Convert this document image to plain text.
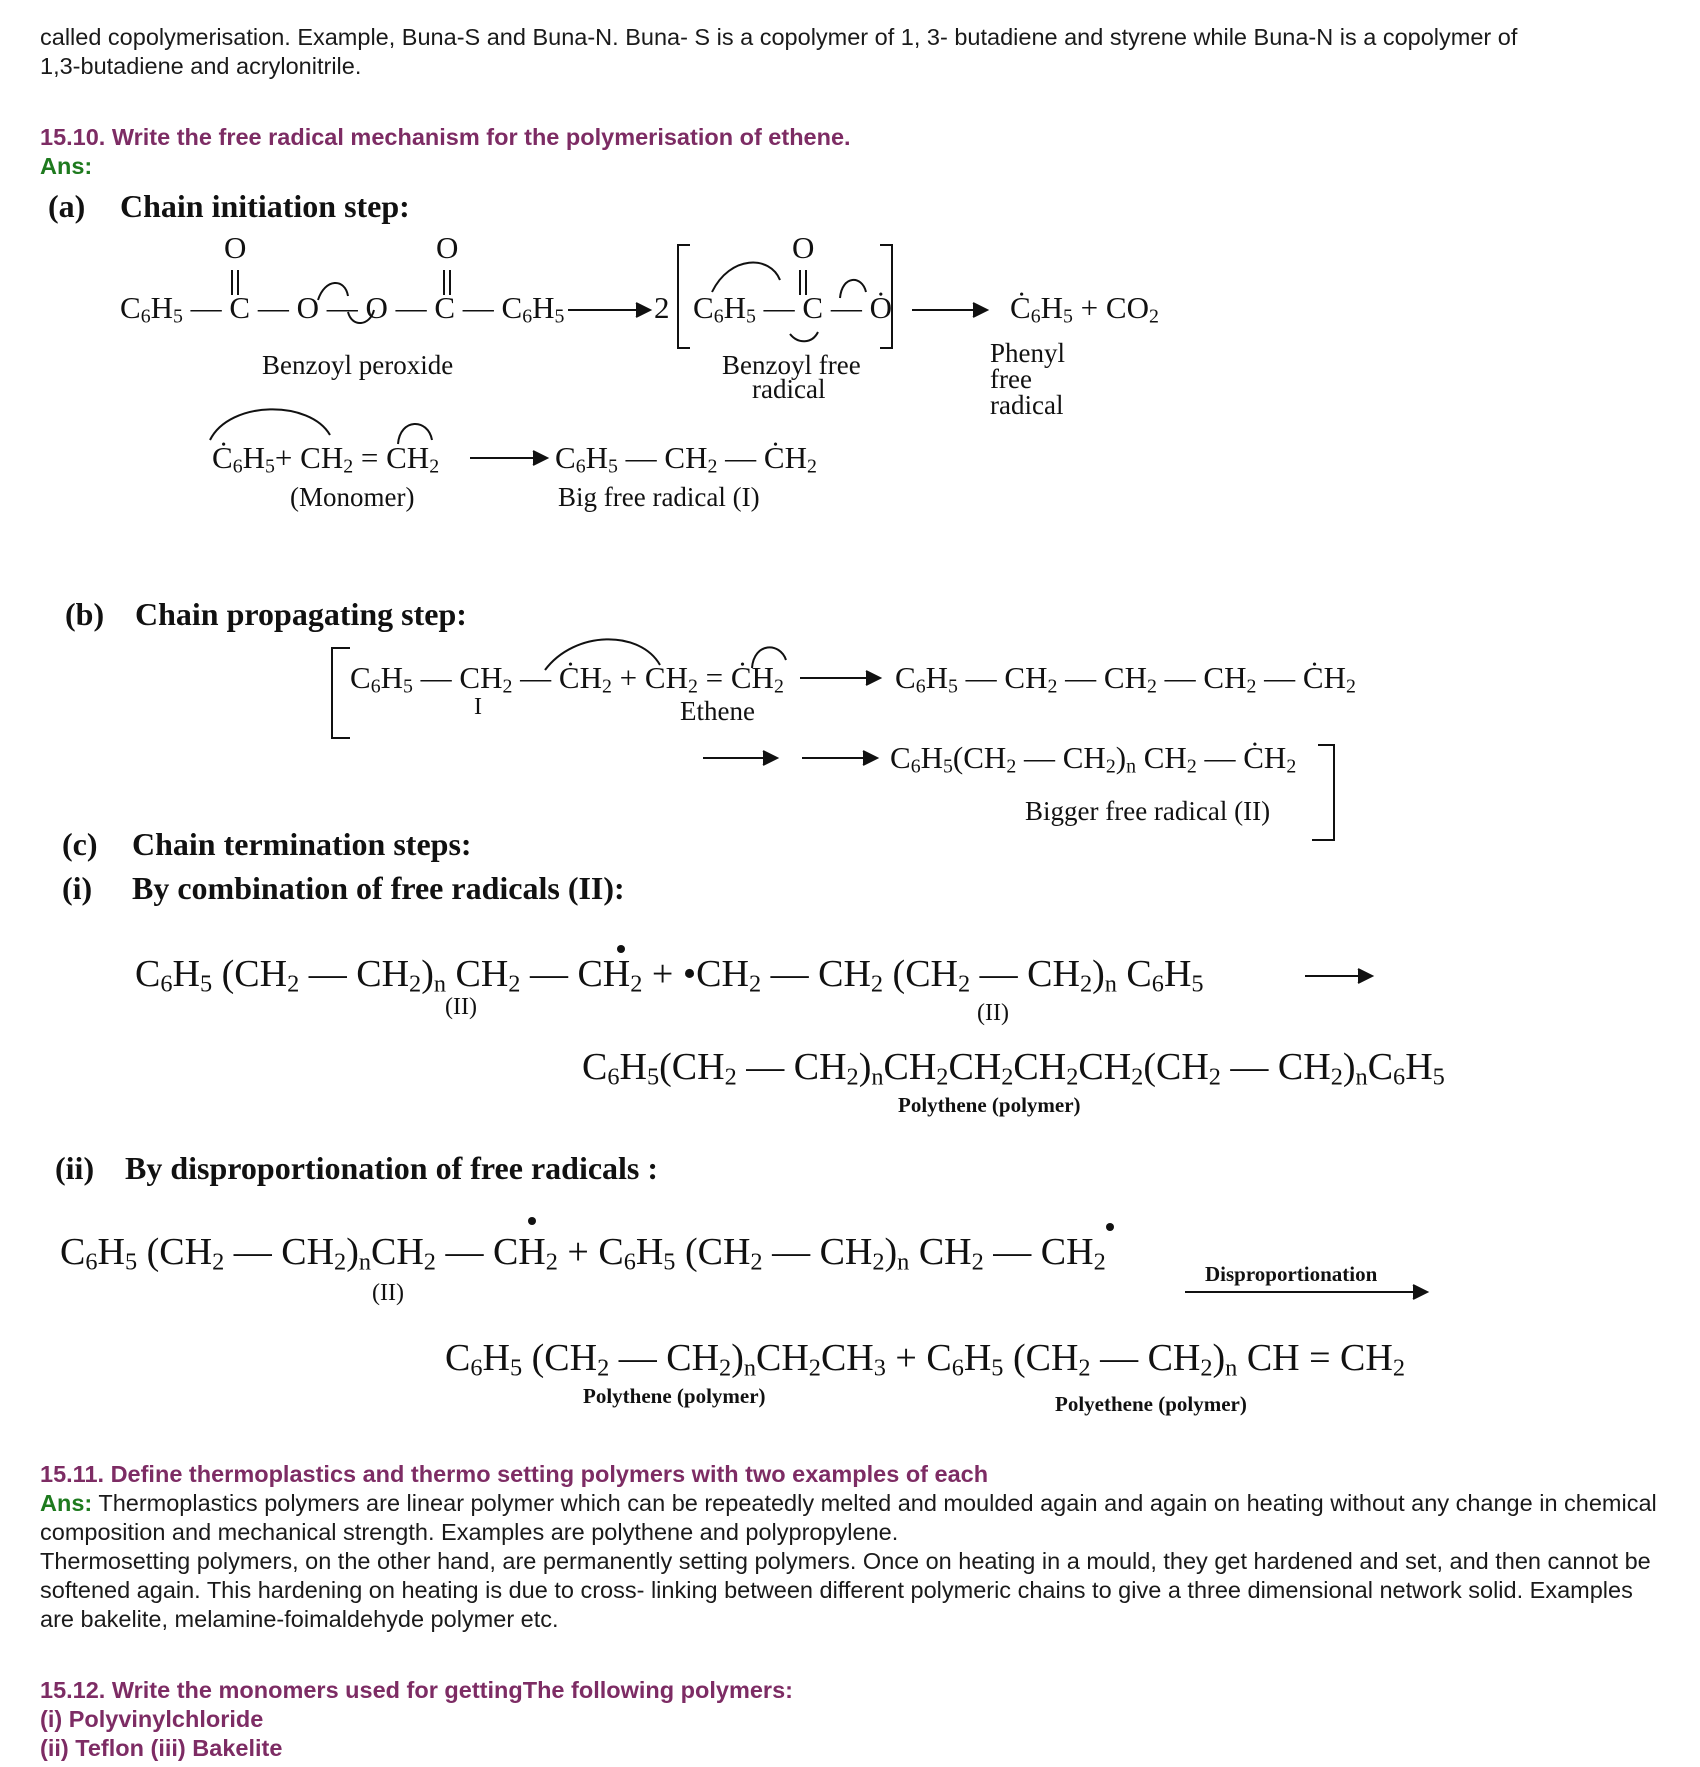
called copolymerisation. Example, Buna-S and Buna-N. Buna- S is a copolymer of 1, 3- butadiene and styrene while Buna-N is a copolymer of
1,3-butadiene and acrylonitrile.
15.10. Write the free radical mechanism for the polymerisation of ethene.
Ans:
(a) Chain initiation step:
O	O	O
$C_6H_5$ — C — O — O — C — $C_6H_5$	2 $C_6H_5$ — C — Ȯ	$Ċ_6H_5 + CO_2$
Benzoyl peroxide	Benzoyl free
radical
Phenyl
free
radical
$Ċ_6H_5+ CH_2 = CH_2$	$C_6H_5$ — $CH_2$ — $ĊH_2$
(Monomer)	Big free radical (I)
(b) Chain propagating step:
$C_6H_5$ — $CH_2$ — $ĊH_2 + CH_2$ = $ĊH_2$	$C_6H_5$ — $CH_2$ — $CH_2$ — $CH_2$ — $ĊH_2$
I	Ethene
$C_6H_5(CH_2$ — $CH_2)_n$ $CH_2$ — $ĊH_2$
Bigger free radical (II)
(c) Chain termination steps:
(i) By combination of free radicals (II):
$C_6H_5$ ($CH_2$ — $CH_2)_n$ $CH_2$ — $CH_2$ + $•CH_2$ — $CH_2$ ($CH_2$ — $CH_2)_n$ $C_6H_5$
(II)	(II)
$C_6H_5(CH_2$ — $CH_2)_nCH_2CH_2CH_2CH_2(CH_2$ — $CH_2)_nC_6H_5$
Polythene (polymer)
(ii) By disproportionation of free radicals :
$C_6H_5$ ($CH_2$ — $CH_2)_nCH_2$ — $CH_2 + C_6H_5$ ($CH_2$ — $CH_2)_n$ $CH_2$ — $CH_2$
(II)
Disproportionation
$C_6H_5$ ($CH_2$ — $CH_2)_nCH_2CH_3 + C_6H_5$ ($CH_2$ — $CH_2)_n$ CH = $CH_2$
Polythene (polymer)	Polyethene (polymer)
15.11. Define thermoplastics and thermo setting polymers with two examples of each
Ans: Thermoplastics polymers are linear polymer which can be repeatedly melted and moulded again and again on heating without any change in chemical composition and mechanical strength. Examples are polythene and polypropylene.
Thermosetting polymers, on the other hand, are permanently setting polymers. Once on heating in a mould, they get hardened and set, and then cannot be softened again. This hardening on heating is due to cross- linking between different polymeric chains to give a three dimensional network solid. Examples are bakelite, melamine-foimaldehyde polymer etc.
15.12. Write the monomers used for gettingThe following polymers:
(i) Polyvinylchloride
(ii) Teflon (iii) Bakelite
